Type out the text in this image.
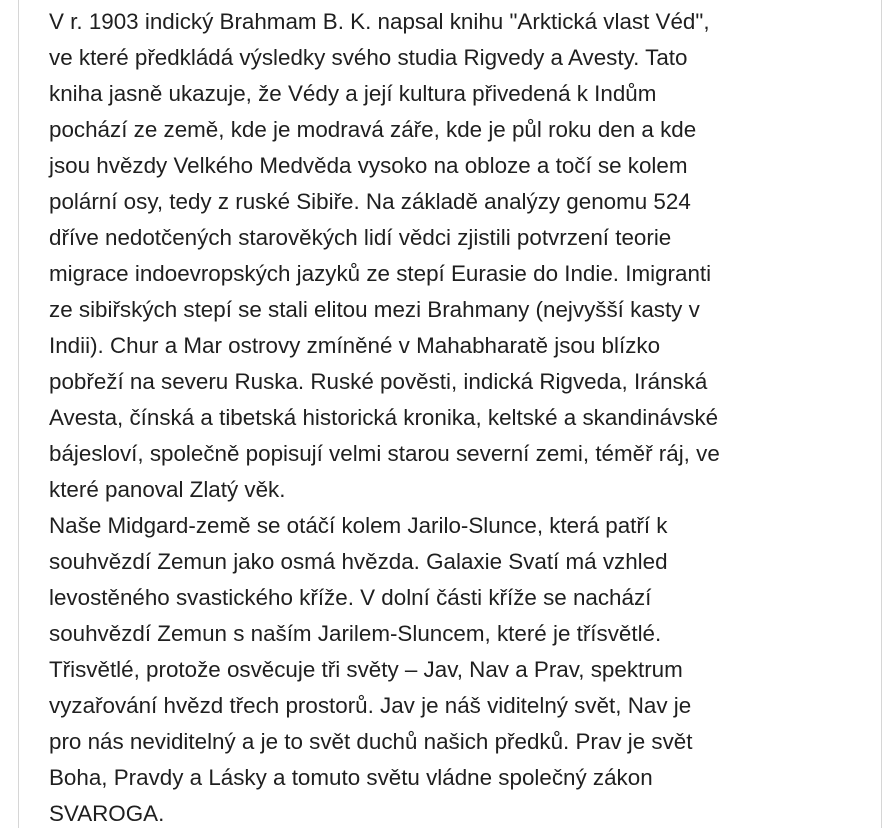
V r. 1903 indický Brahmam B. K. napsal knihu "Arktická vlast Véd",
ve které předkládá výsledky svého studia Rigvedy a Avesty. Tato
kniha jasně ukazuje, že Védy a její kultura přivedená k Indům
pochází ze země, kde je modravá záře, kde je půl roku den a kde
jsou hvězdy Velkého Medvěda vysoko na obloze a točí se kolem
polární osy, tedy z ruské Sibiře. Na základě analýzy genomu 524
dříve nedotčených starověkých lidí vědci zjistili potvrzení teorie
migrace indoevropských jazyků ze stepí Eurasie do Indie. Imigranti
ze sibiřských stepí se stali elitou mezi Brahmany (nejvyšší kasty v
Indii). Chur a Mar ostrovy zmíněné v Mahabharatě jsou blízko
pobřeží na severu Ruska. Ruské pověsti, indická Rigveda, Iránská
Avesta, čínská a tibetská historická kronika, keltské a skandinávské
bájesloví, společně popisují velmi starou severní zemi, téměř ráj, ve
které panoval Zlatý věk.
Naše Midgard-země se otáčí kolem Jarilo-Slunce, která patří k
souhvězdí Zemun jako osmá hvězda. Galaxie Svatí má vzhled
levostěného svastického kříže. V dolní části kříže se nachází
souhvězdí Zemun s naším Jarilem-Sluncem, které je třísvětlé.
Třisvětlé, protože osvěcuje tři světy – Jav, Nav a Prav, spektrum
vyzařování hvězd třech prostorů. Jav je náš viditelný svět, Nav je
pro nás neviditelný a je to svět duchů našich předků. Prav je svět
Boha, Pravdy a Lásky a tomuto světu vládne společný zákon
SVAROGA.
